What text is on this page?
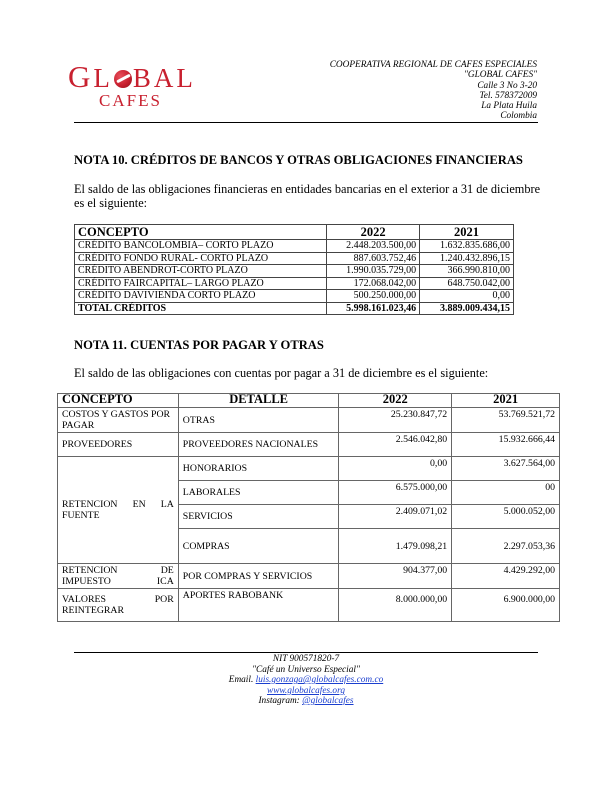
G L BAL
CAFES
COOPERATIVA REGIONAL DE CAFES ESPECIALES
"GLOBAL CAFES"
Calle 3 No 3-20
Tel. 578372009
La Plata Huila
Colombia
NOTA 10. CRÉDITOS DE BANCOS Y OTRAS OBLIGACIONES FINANCIERAS
El saldo de las obligaciones financieras en entidades bancarias en el exterior a 31 de diciembre
es el siguiente:
CONCEPTO	2022	2021
CRÉDITO BANCOLOMBIA– CORTO PLAZO	2.448.203.500,00	1.632.835.686,00
CRÉDITO FONDO RURAL- CORTO PLAZO	887.603.752,46	1.240.432.896,15
CRÉDITO ABENDROT-CORTO PLAZO	1.990.035.729,00	366.990.810,00
CRÉDITO FAIRCAPITAL– LARGO PLAZO	172.068.042,00	648.750.042,00
CRÉDITO DAVIVIENDA CORTO PLAZO	500.250.000,00	0,00
TOTAL CRÉDITOS	5.998.161.023,46	3.889.009.434,15
NOTA 11. CUENTAS POR PAGAR Y OTRAS
El saldo de las obligaciones con cuentas por pagar a 31 de diciembre es el siguiente:
CONCEPTO	DETALLE	2022	2021
COSTOS Y GASTOS POR PAGAR	OTRAS	25.230.847,72	53.769.521,72
PROVEEDORES	PROVEEDORES NACIONALES	2.546.042,80	15.932.666,44
RETENCION EN LA FUENTE	HONORARIOS	0,00	3.627.564,00
	LABORALES	6.575.000,00	00
	SERVICIOS	2.409.071,02	5.000.052,00
	COMPRAS	1.479.098,21	2.297.053,36
RETENCION DE IMPUESTO ICA	POR COMPRAS Y SERVICIOS	904.377,00	4.429.292,00
VALORES POR REINTEGRAR	APORTES RABOBANK	8.000.000,00	6.900.000,00
NIT 900571820-7
"Café un Universo Especial"
Email. luis.gonzaga@globalcafes.com.co
www.globalcafes.org
Instagram: @globalcafes
